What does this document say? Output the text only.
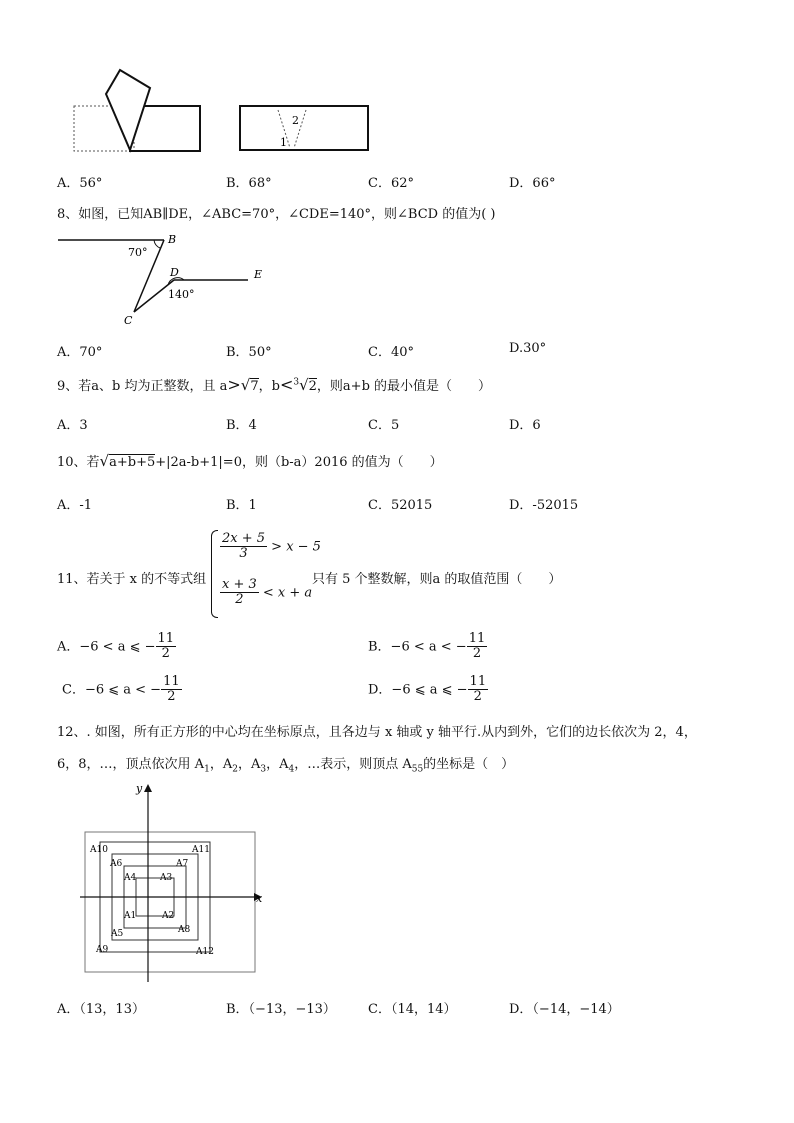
2
1
A．56°	B．68°	C．62°	D．66°
8、如图，已知AB∥DE，∠ABC=70°，∠CDE=140°，则∠BCD 的值为( )
B
70°
D	E
140°
C
A．70°	B．50°	C．40°	D.30°
9、若a、b 均为正整数，且 a>√7，b<$^3$√2，则a+b 的最小值是（　　）
A．3	B．4	C．5	D．6
10、若√a+b+5+|2a-b+1|=0，则（b-a）2016 的值为（　　）
A．-1	B．1	C．52015	D．-52015
11、若关于 x 的不等式组
$\frac{2x + 5}{3} > x - 5$
$\frac{x + 3}{2} < x + a$
只有 5 个整数解，则a 的取值范围（　　）
A．−6 < a ⩽ − $\frac{11}{2}$	B．−6 < a < − $\frac{11}{2}$
C．−6 ⩽ a < − $\frac{11}{2}$	D．−6 ⩽ a ⩽ − $\frac{11}{2}$
12、. 如图，所有正方形的中心均在坐标原点，且各边与 x 轴或 y 轴平行.从内到外，它们的边长依次为 2，4，
6，8，…，顶点依次用 $A_1$，$A_2$，$A_3$，$A_4$，…表示，则顶点 $A_{55}$的坐标是（　）
x
y
A1	A2
A3
A4
A5
A6	A7
A8
A9
A10	A11
A12
A．（13，13）	B．（−13，−13） C．（14，14）	D．（−14，−14）
